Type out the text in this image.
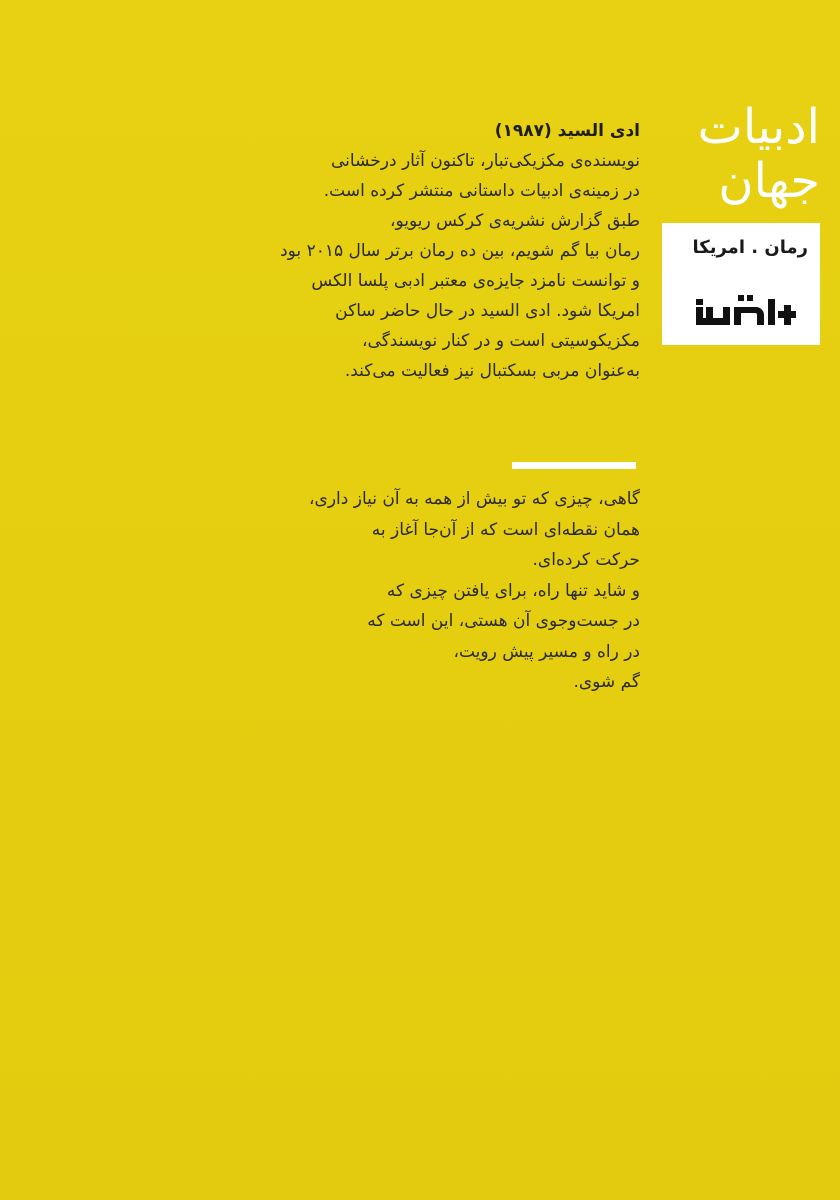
ادبیات
جهان
رمان . امریکا

ادی السید (۱۹۸۷)

نویسنده‌ی مکزیکی‌تبار، تاکنون آثار درخشانی

در زمینه‌ی ادبیات داستانی منتشر کرده است.

طبق گزارش نشریه‌ی کرکس ریویو،

رمان بیا گم شویم، بین ده رمان برتر سال ۲۰۱۵ بود

و توانست نامزد جایزه‌ی معتبر ادبی پلسا الکس

امریکا شود. ادی السید در حال حاضر ساکن

مکزیکوسیتی است و در کنار نویسندگی،

به‌عنوان مربی بسکتبال نیز فعالیت می‌کند.

گاهی، چیزی که تو بیش از همه به آن نیاز داری،

همان نقطه‌ای است که از آن‌جا آغاز به

حرکت کرده‌ای.

و شاید تنها راه، برای یافتن چیزی که

در جست‌وجوی آن هستی، این است که

در راه و مسیر پیش رویت،

گم شوی.
